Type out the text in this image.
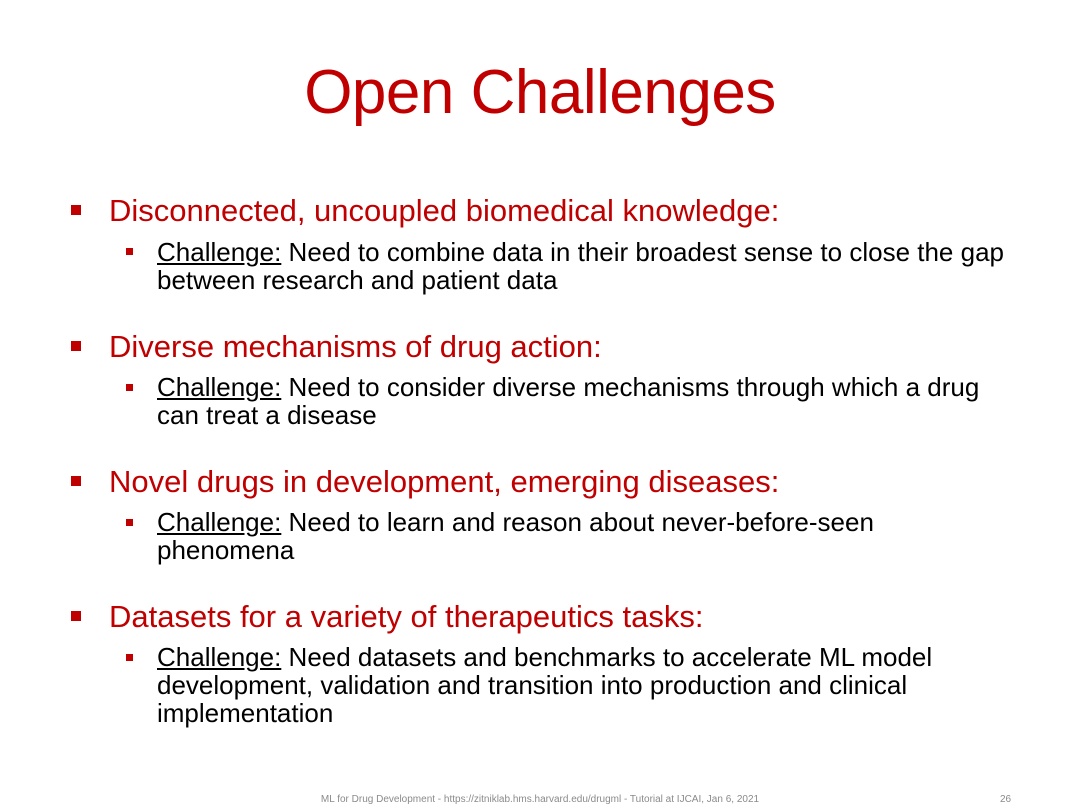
Open Challenges
Disconnected, uncoupled biomedical knowledge:
Challenge: Need to combine data in their broadest sense to close the gap between research and patient data
Diverse mechanisms of drug action:
Challenge: Need to consider diverse mechanisms through which a drug can treat a disease
Novel drugs in development, emerging diseases:
Challenge: Need to learn and reason about never-before-seen phenomena
Datasets for a variety of therapeutics tasks:
Challenge: Need datasets and benchmarks to accelerate ML model development, validation and transition into production and clinical implementation
ML for Drug Development - https://zitniklab.hms.harvard.edu/drugml - Tutorial at IJCAI, Jan 6, 2021	26
